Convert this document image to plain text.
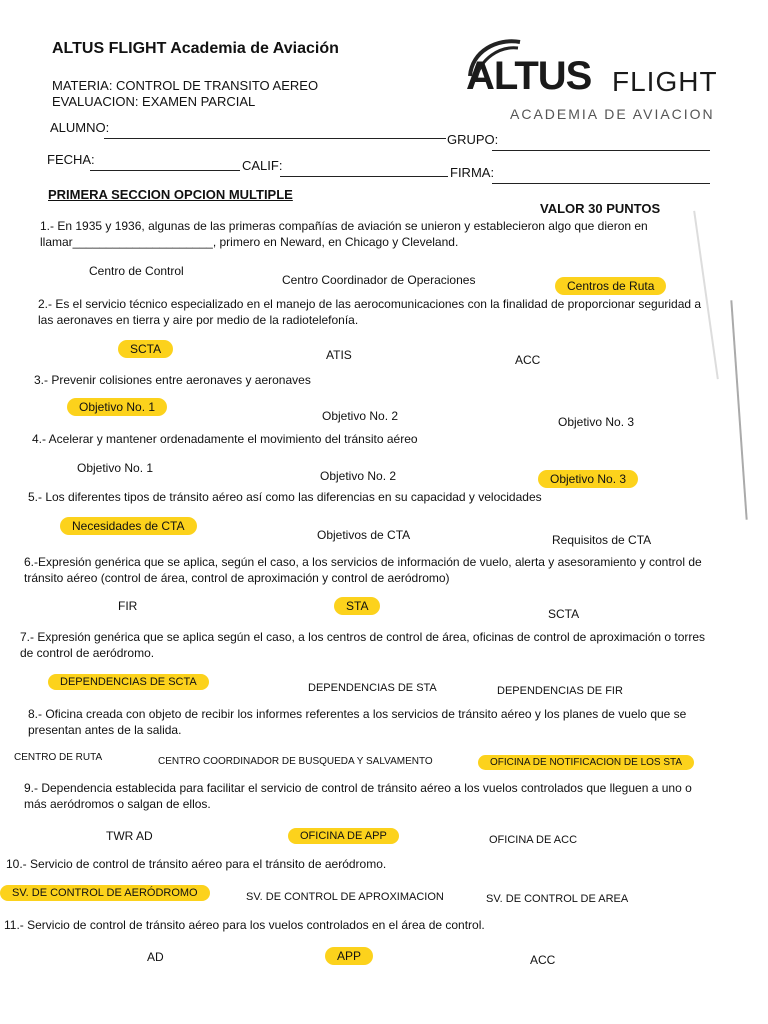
ALTUS FLIGHT Academia de Aviación
MATERIA: CONTROL DE TRANSITO AEREO
EVALUACION: EXAMEN PARCIAL
ALUMNO:
GRUPO:
FECHA:	CALIF:	FIRMA:
ALTUS FLIGHT
ACADEMIA DE AVIACION
PRIMERA SECCION OPCION MULTIPLE
VALOR 30 PUNTOS
1.- En 1935 y 1936, algunas de las primeras compañías de aviación se unieron y establecieron algo que dieron en llamar_____________________, primero en Neward, en Chicago y Cleveland.
Centro de Control
Centro Coordinador de Operaciones	Centros de Ruta
2.- Es el servicio técnico especializado en el manejo de las aerocomunicaciones con la finalidad de proporcionar seguridad a las aeronaves en tierra y aire por medio de la radiotelefonía.
SCTA	ATIS	ACC
3.- Prevenir colisiones entre aeronaves y aeronaves
Objetivo No. 1
Objetivo No. 2	Objetivo No. 3
4.- Acelerar y mantener ordenadamente el movimiento del tránsito aéreo
Objetivo No. 1
Objetivo No. 2	Objetivo No. 3
5.- Los diferentes tipos de tránsito aéreo así como las diferencias en su capacidad y velocidades
Necesidades de CTA
Objetivos de CTA	Requisitos de CTA
6.-Expresión genérica que se aplica, según el caso, a los servicios de información de vuelo, alerta y asesoramiento y control de tránsito aéreo (control de área, control de aproximación y control de aeródromo)
FIR	STA
SCTA
7.- Expresión genérica que se aplica según el caso, a los centros de control de área, oficinas de control de aproximación o torres de control de aeródromo.
DEPENDENCIAS DE SCTA	DEPENDENCIAS DE STA	DEPENDENCIAS DE FIR
8.- Oficina creada con objeto de recibir los informes referentes a los servicios de tránsito aéreo y los planes de vuelo que se presentan antes de la salida.
CENTRO DE RUTA	CENTRO COORDINADOR DE BUSQUEDA Y SALVAMENTO	OFICINA DE NOTIFICACION DE LOS STA
9.- Dependencia establecida para facilitar el servicio de control de tránsito aéreo a los vuelos controlados que lleguen a uno o más aeródromos o salgan de ellos.
TWR AD	OFICINA DE APP	OFICINA DE ACC
10.- Servicio de control de tránsito aéreo para el tránsito de aeródromo.
SV. DE CONTROL DE AERÓDROMO	SV. DE CONTROL DE APROXIMACION	SV. DE CONTROL DE AREA
11.- Servicio de control de tránsito aéreo para los vuelos controlados en el área de control.
AD	APP	ACC
